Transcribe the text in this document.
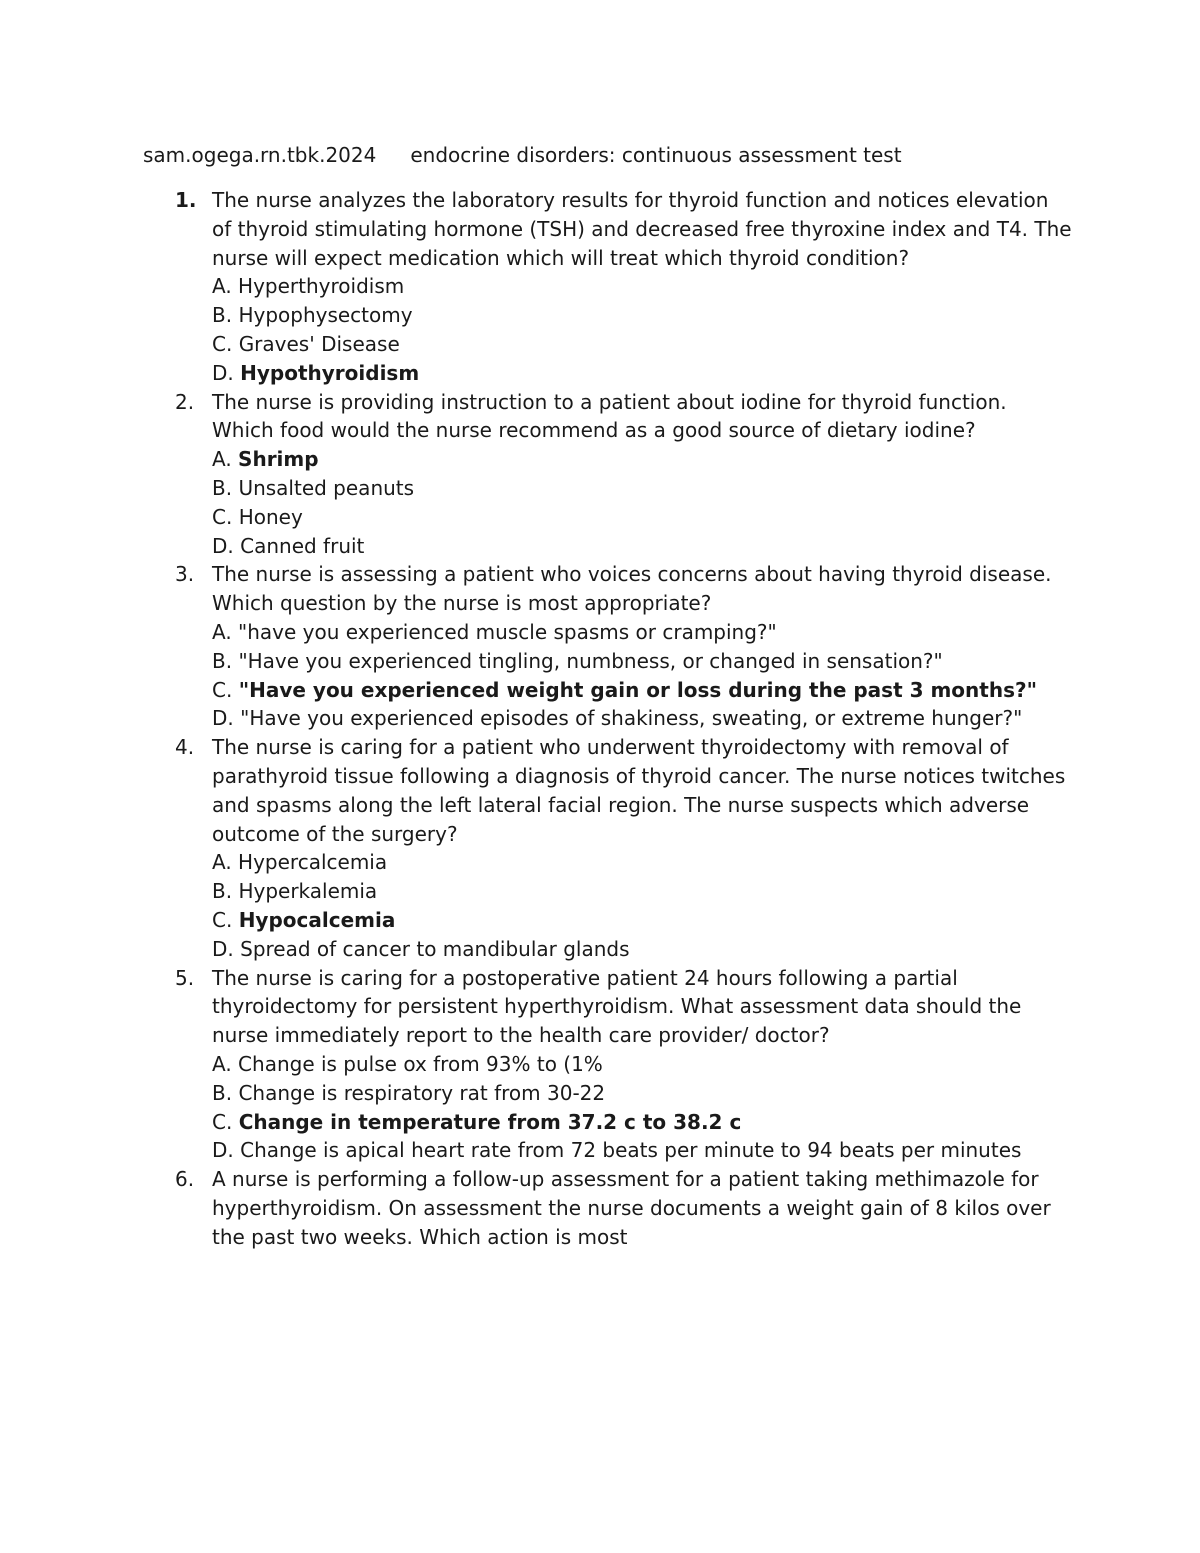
sam.ogega.rn.tbk.2024 endocrine disorders: continuous assessment test
1. The nurse analyzes the laboratory results for thyroid function and notices elevation of thyroid stimulating hormone (TSH) and decreased free thyroxine index and T4. The nurse will expect medication which will treat which thyroid condition?
A. Hyperthyroidism
B. Hypophysectomy
C. Graves' Disease
D. Hypothyroidism
2. The nurse is providing instruction to a patient about iodine for thyroid function. Which food would the nurse recommend as a good source of dietary iodine?
A. Shrimp
B. Unsalted peanuts
C. Honey
D. Canned fruit
3. The nurse is assessing a patient who voices concerns about having thyroid disease. Which question by the nurse is most appropriate?
A. "have you experienced muscle spasms or cramping?"
B. "Have you experienced tingling, numbness, or changed in sensation?"
C. "Have you experienced weight gain or loss during the past 3 months?"
D. "Have you experienced episodes of shakiness, sweating, or extreme hunger?"
4. The nurse is caring for a patient who underwent thyroidectomy with removal of parathyroid tissue following a diagnosis of thyroid cancer. The nurse notices twitches and spasms along the left lateral facial region. The nurse suspects which adverse outcome of the surgery?
A. Hypercalcemia
B. Hyperkalemia
C. Hypocalcemia
D. Spread of cancer to mandibular glands
5. The nurse is caring for a postoperative patient 24 hours following a partial thyroidectomy for persistent hyperthyroidism. What assessment data should the nurse immediately report to the health care provider/ doctor?
A. Change is pulse ox from 93% to (1%
B. Change is respiratory rat from 30-22
C. Change in temperature from 37.2 c to 38.2 c
D. Change is apical heart rate from 72 beats per minute to 94 beats per minutes
6. A nurse is performing a follow-up assessment for a patient taking methimazole for hyperthyroidism. On assessment the nurse documents a weight gain of 8 kilos over the past two weeks. Which action is most
